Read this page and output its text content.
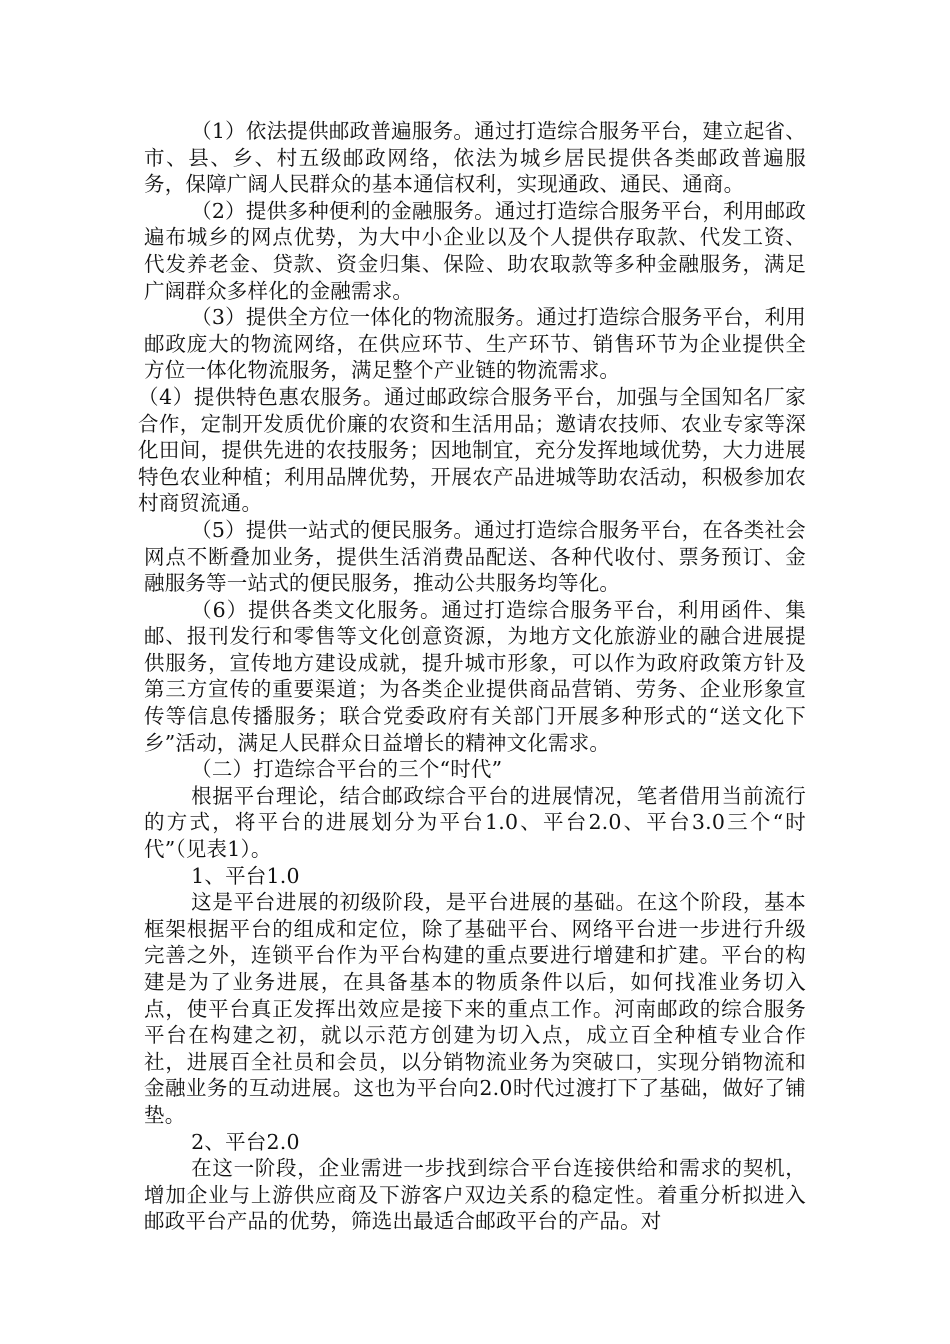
（1）依法提供邮政普遍服务。通过打造综合服务平台，建立起省、市、县、乡、村五级邮政网络，依法为城乡居民提供各类邮政普遍服务，保障广阔人民群众的基本通信权利，实现通政、通民、通商。

（2）提供多种便利的金融服务。通过打造综合服务平台，利用邮政遍布城乡的网点优势，为大中小企业以及个人提供存取款、代发工资、代发养老金、贷款、资金归集、保险、助农取款等多种金融服务，满足广阔群众多样化的金融需求。

（3）提供全方位一体化的物流服务。通过打造综合服务平台，利用邮政庞大的物流网络，在供应环节、生产环节、销售环节为企业提供全方位一体化物流服务，满足整个产业链的物流需求。

（4）提供特色惠农服务。通过邮政综合服务平台，加强与全国知名厂家合作，定制开发质优价廉的农资和生活用品；邀请农技师、农业专家等深化田间，提供先进的农技服务；因地制宜，充分发挥地域优势，大力进展特色农业种植；利用品牌优势，开展农产品进城等助农活动，积极参加农村商贸流通。

（5）提供一站式的便民服务。通过打造综合服务平台，在各类社会网点不断叠加业务，提供生活消费品配送、各种代收付、票务预订、金融服务等一站式的便民服务，推动公共服务均等化。

（6）提供各类文化服务。通过打造综合服务平台，利用函件、集邮、报刊发行和零售等文化创意资源，为地方文化旅游业的融合进展提供服务，宣传地方建设成就，提升城市形象，可以作为政府政策方针及第三方宣传的重要渠道；为各类企业提供商品营销、劳务、企业形象宣传等信息传播服务；联合党委政府有关部门开展多种形式的“送文化下乡”活动，满足人民群众日益增长的精神文化需求。

（二）打造综合平台的三个“时代”

根据平台理论，结合邮政综合平台的进展情况，笔者借用当前流行的方式，将平台的进展划分为平台1.0、平台2.0、平台3.0三个“时代”（见表1）。

1、平台1.0

这是平台进展的初级阶段，是平台进展的基础。在这个阶段，基本框架根据平台的组成和定位，除了基础平台、网络平台进一步进行升级完善之外，连锁平台作为平台构建的重点要进行增建和扩建。平台的构建是为了业务进展，在具备基本的物质条件以后，如何找准业务切入点，使平台真正发挥出效应是接下来的重点工作。河南邮政的综合服务平台在构建之初，就以示范方创建为切入点，成立百全种植专业合作社，进展百全社员和会员，以分销物流业务为突破口，实现分销物流和金融业务的互动进展。这也为平台向2.0时代过渡打下了基础，做好了铺垫。

2、平台2.0

在这一阶段，企业需进一步找到综合平台连接供给和需求的契机，增加企业与上游供应商及下游客户双边关系的稳定性。着重分析拟进入邮政平台产品的优势，筛选出最适合邮政平台的产品。对
